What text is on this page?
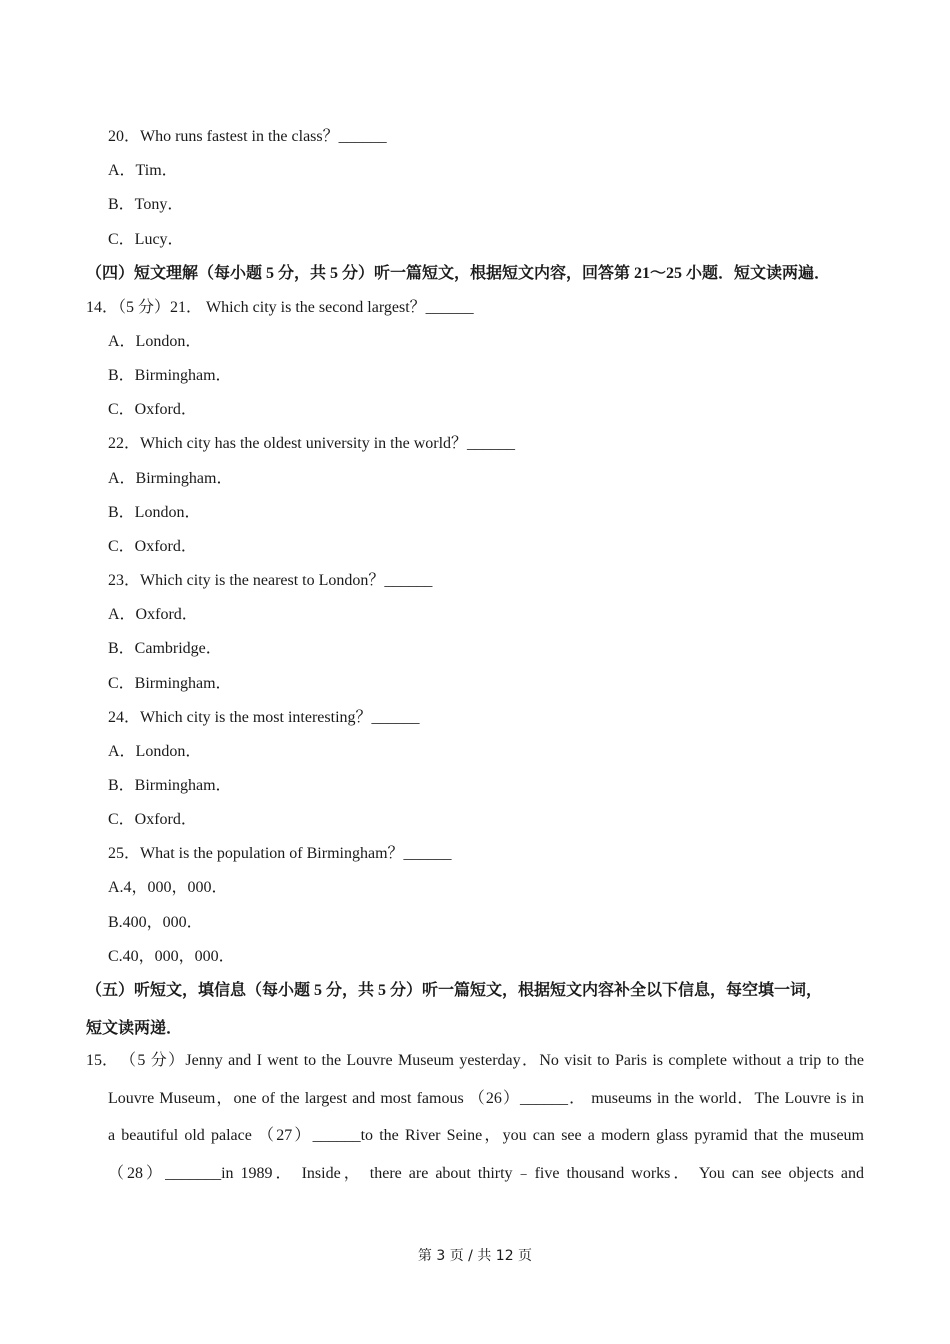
20．Who runs fastest in the class？______
A．Tim．
B．Tony．
C．Lucy．
（四）短文理解（每小题 5 分，共 5 分）听一篇短文，根据短文内容，回答第 21～25 小题．短文读两遍．
14．（5 分）21． Which city is the second largest？______
A．London．
B．Birmingham．
C．Oxford．
22．Which city has the oldest university in the world？______
A．Birmingham．
B．London．
C．Oxford．
23．Which city is the nearest to London？______
A．Oxford．
B．Cambridge．
C．Birmingham．
24．Which city is the most interesting？______
A．London．
B．Birmingham．
C．Oxford．
25．What is the population of Birmingham？______
A.4，000，000．
B.400，000．
C.40，000，000．
（五）听短文，填信息（每小题 5 分，共 5 分）听一篇短文，根据短文内容补全以下信息，每空填一词，
短文读两递．
15． （5 分）Jenny and I went to the Louvre Museum yesterday．No visit to Paris is complete without a trip to the
Louvre Museum，one of the largest and most famous （26）______． museums in the world．The Louvre is in
a beautiful old palace （27）______to the River Seine，you can see a modern glass pyramid that the museum
（28）_______in 1989． Inside， there are about thirty﹣five thousand works． You can see objects and
第 3 页 / 共 12 页
